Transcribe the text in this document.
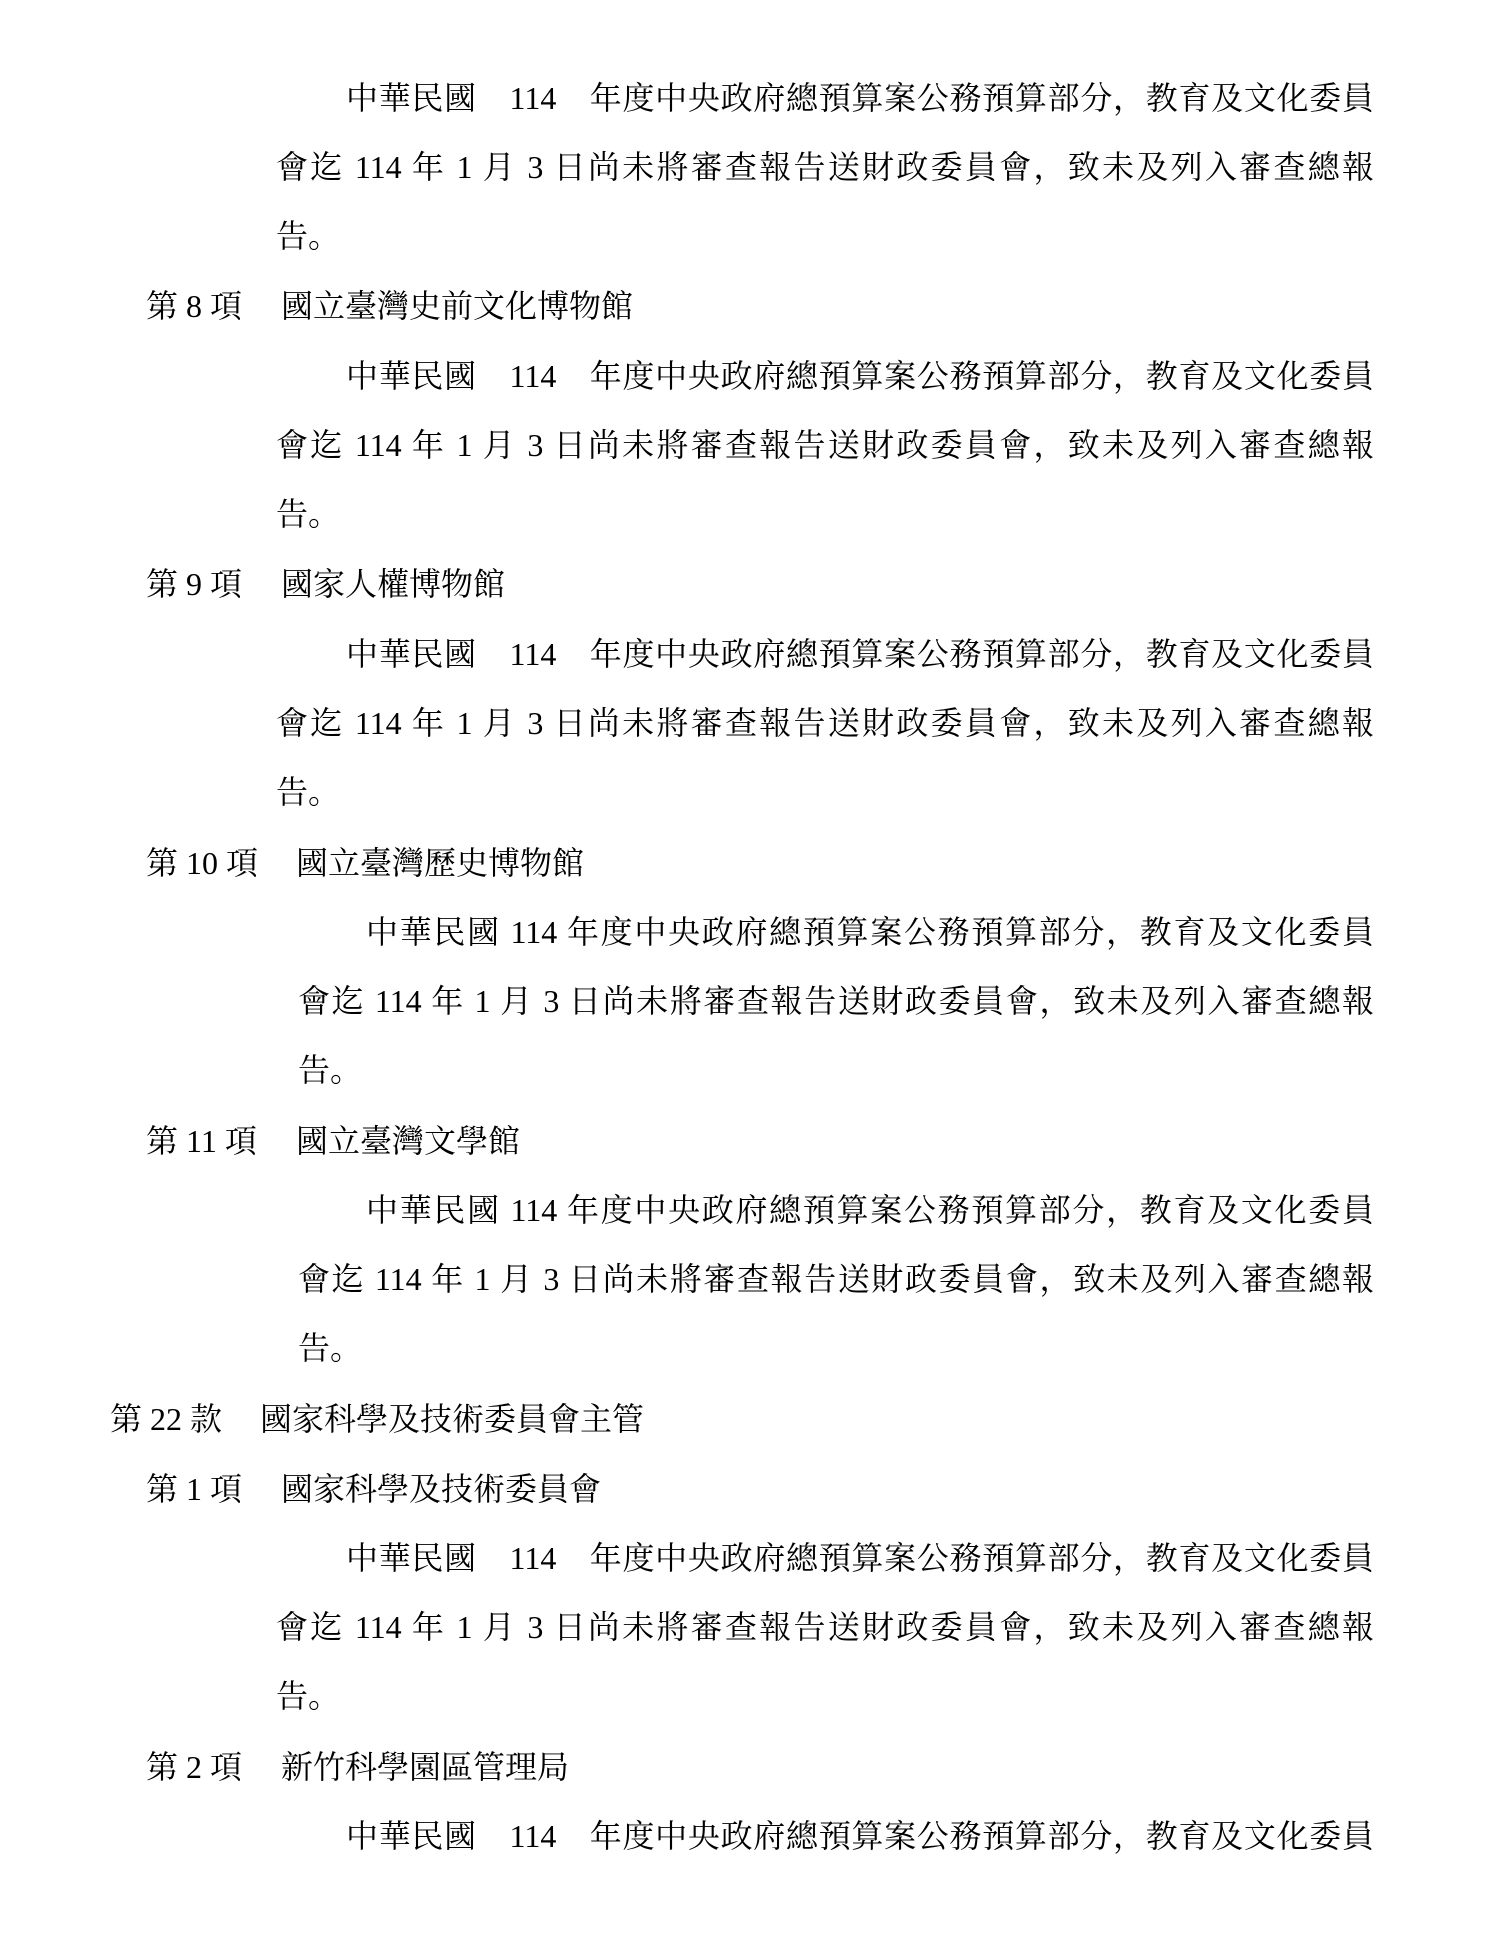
中華民國　114　年度中央政府總預算案公務預算部分，教育及文化委員
會迄 114 年 1 月 3 日尚未將審查報告送財政委員會，致未及列入審查總報
告。
第 8 項 國立臺灣史前文化博物館
中華民國　114　年度中央政府總預算案公務預算部分，教育及文化委員
會迄 114 年 1 月 3 日尚未將審查報告送財政委員會，致未及列入審查總報
告。
第 9 項 國家人權博物館
中華民國　114　年度中央政府總預算案公務預算部分，教育及文化委員
會迄 114 年 1 月 3 日尚未將審查報告送財政委員會，致未及列入審查總報
告。
第 10 項 國立臺灣歷史博物館
中華民國 114 年度中央政府總預算案公務預算部分，教育及文化委員
會迄 114 年 1 月 3 日尚未將審查報告送財政委員會，致未及列入審查總報
告。
第 11 項 國立臺灣文學館
中華民國 114 年度中央政府總預算案公務預算部分，教育及文化委員
會迄 114 年 1 月 3 日尚未將審查報告送財政委員會，致未及列入審查總報
告。
第 22 款 國家科學及技術委員會主管
第 1 項 國家科學及技術委員會
中華民國　114　年度中央政府總預算案公務預算部分，教育及文化委員
會迄 114 年 1 月 3 日尚未將審查報告送財政委員會，致未及列入審查總報
告。
第 2 項 新竹科學園區管理局
中華民國　114　年度中央政府總預算案公務預算部分，教育及文化委員
